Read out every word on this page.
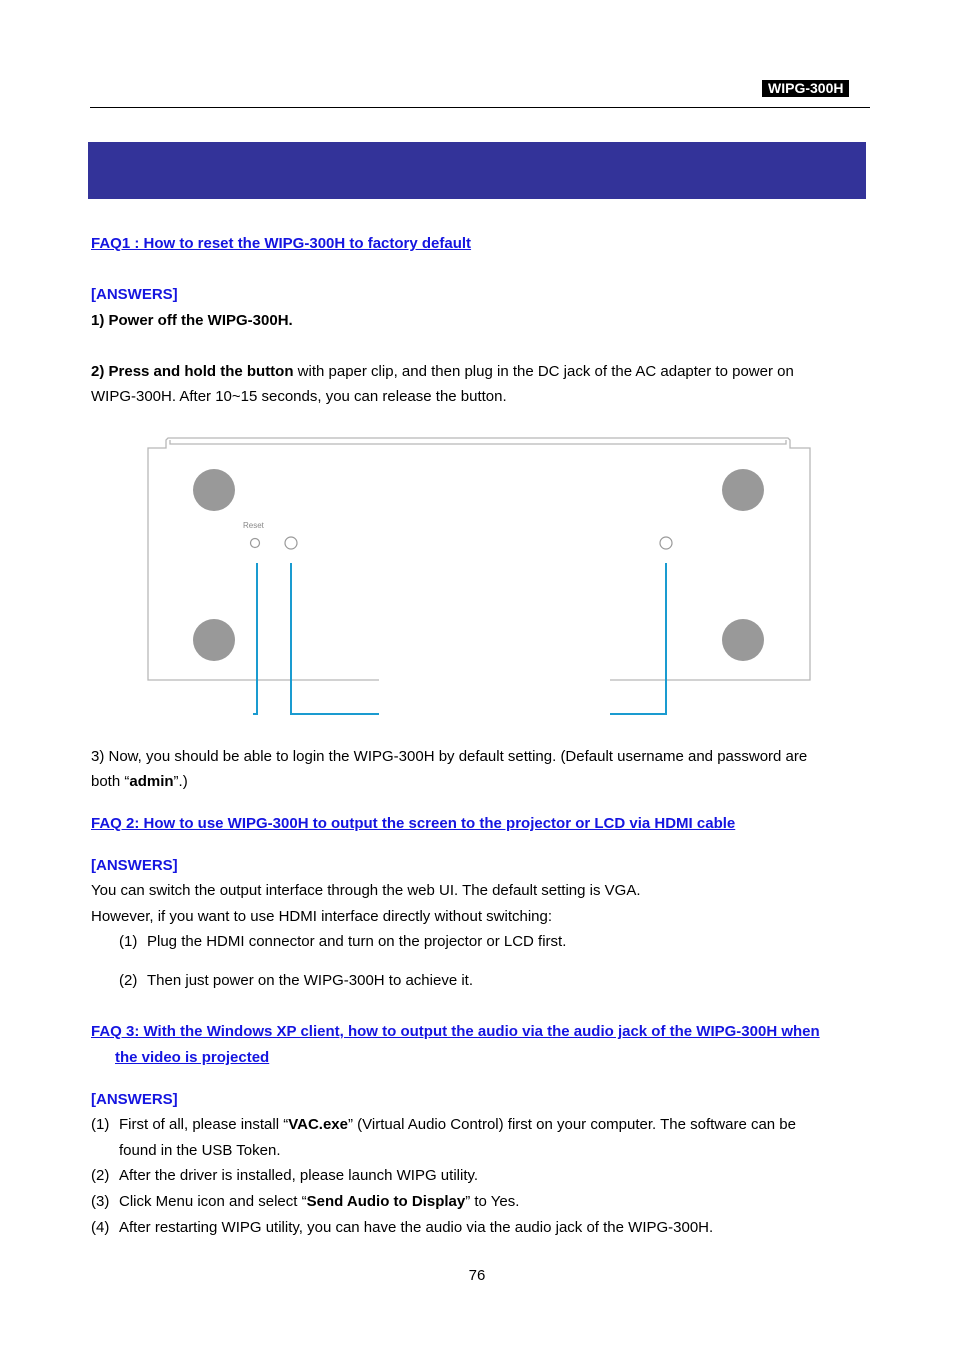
WIPG-300H
FAQ1 : How to reset the WIPG-300H to factory default
[ANSWERS]
1) Power off the WIPG-300H.
2) Press and hold the button with paper clip, and then plug in the DC jack of the AC adapter to power on
WIPG-300H. After 10~15 seconds, you can release the button.
Reset
3) Now, you should be able to login the WIPG-300H by default setting. (Default username and password are
both “admin”.)
FAQ 2: How to use WIPG-300H to output the screen to the projector or LCD via HDMI cable
[ANSWERS]
You can switch the output interface through the web UI. The default setting is VGA.
However, if you want to use HDMI interface directly without switching:
(1) Plug the HDMI connector and turn on the projector or LCD first.
(2) Then just power on the WIPG-300H to achieve it.
FAQ 3: With the Windows XP client, how to output the audio via the audio jack of the WIPG-300H when
the video is projected
[ANSWERS]
(1) First of all, please install “VAC.exe” (Virtual Audio Control) first on your computer. The software can be
found in the USB Token.
(2) After the driver is installed, please launch WIPG utility.
(3) Click Menu icon and select “Send Audio to Display” to Yes.
(4) After restarting WIPG utility, you can have the audio via the audio jack of the WIPG-300H.
76
